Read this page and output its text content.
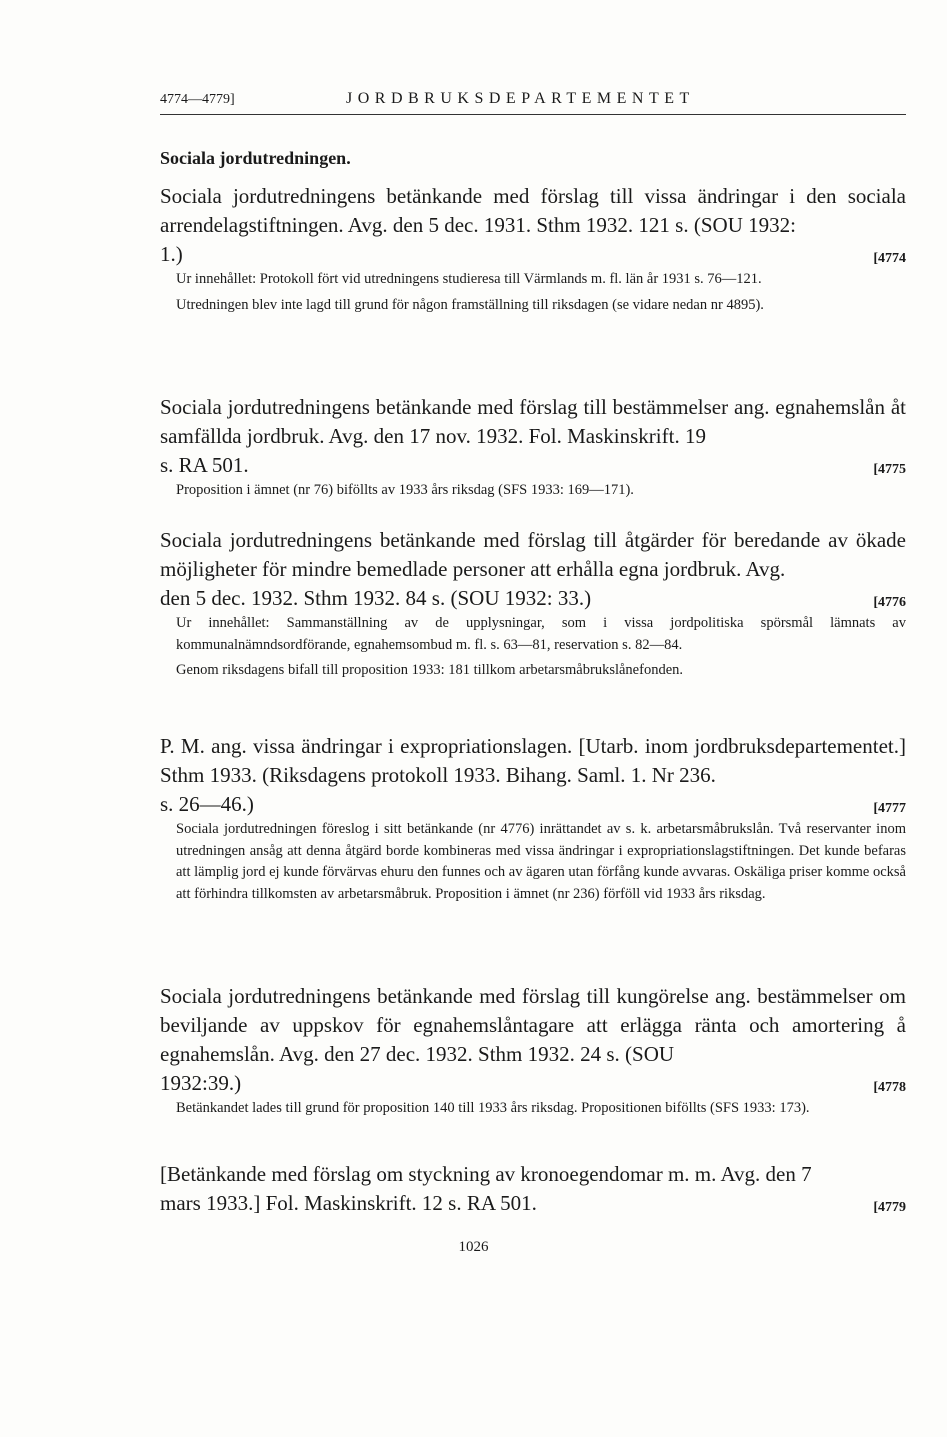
4774—4779]	JORDBRUKSDEPARTEMENTET
Sociala jordutredningen.
Sociala jordutredningens betänkande med förslag till vissa ändringar i den sociala arrendelagstiftningen. Avg. den 5 dec. 1931. Sthm 1932. 121 s. (SOU 1932:
1.)	[4774
Ur innehållet: Protokoll fört vid utredningens studieresa till Värmlands m. fl. län år 1931 s. 76—121.
Utredningen blev inte lagd till grund för någon framställning till riksdagen (se vidare nedan nr 4895).
Sociala jordutredningens betänkande med förslag till bestämmelser ang. egnahemslån åt samfällda jordbruk. Avg. den 17 nov. 1932. Fol. Maskinskrift. 19
s. RA 501.	[4775
Proposition i ämnet (nr 76) biföllts av 1933 års riksdag (SFS 1933: 169—171).
Sociala jordutredningens betänkande med förslag till åtgärder för beredande av ökade möjligheter för mindre bemedlade personer att erhålla egna jordbruk. Avg.
den 5 dec. 1932. Sthm 1932. 84 s. (SOU 1932: 33.)	[4776
Ur innehållet: Sammanställning av de upplysningar, som i vissa jordpolitiska spörsmål lämnats av kommunalnämndsordförande, egnahemsombud m. fl. s. 63—81, reservation s. 82—84.
Genom riksdagens bifall till proposition 1933: 181 tillkom arbetarsmåbrukslånefonden.
P. M. ang. vissa ändringar i expropriationslagen. [Utarb. inom jordbruksdepartementet.] Sthm 1933. (Riksdagens protokoll 1933. Bihang. Saml. 1. Nr 236.
s. 26—46.)	[4777
Sociala jordutredningen föreslog i sitt betänkande (nr 4776) inrättandet av s. k. arbetarsmåbrukslån. Två reservanter inom utredningen ansåg att denna åtgärd borde kombineras med vissa ändringar i expropriationslagstiftningen. Det kunde befaras att lämplig jord ej kunde förvärvas ehuru den funnes och av ägaren utan förfång kunde avvaras. Oskäliga priser komme också att förhindra tillkomsten av arbetarsmåbruk. Proposition i ämnet (nr 236) förföll vid 1933 års riksdag.
Sociala jordutredningens betänkande med förslag till kungörelse ang. bestämmelser om beviljande av uppskov för egnahemslåntagare att erlägga ränta och amortering å egnahemslån. Avg. den 27 dec. 1932. Sthm 1932. 24 s. (SOU
1932:39.)	[4778
Betänkandet lades till grund för proposition 140 till 1933 års riksdag. Propositionen biföllts (SFS 1933: 173).
[Betänkande med förslag om styckning av kronoegendomar m. m. Avg. den 7
mars 1933.] Fol. Maskinskrift. 12 s. RA 501.	[4779
1026
